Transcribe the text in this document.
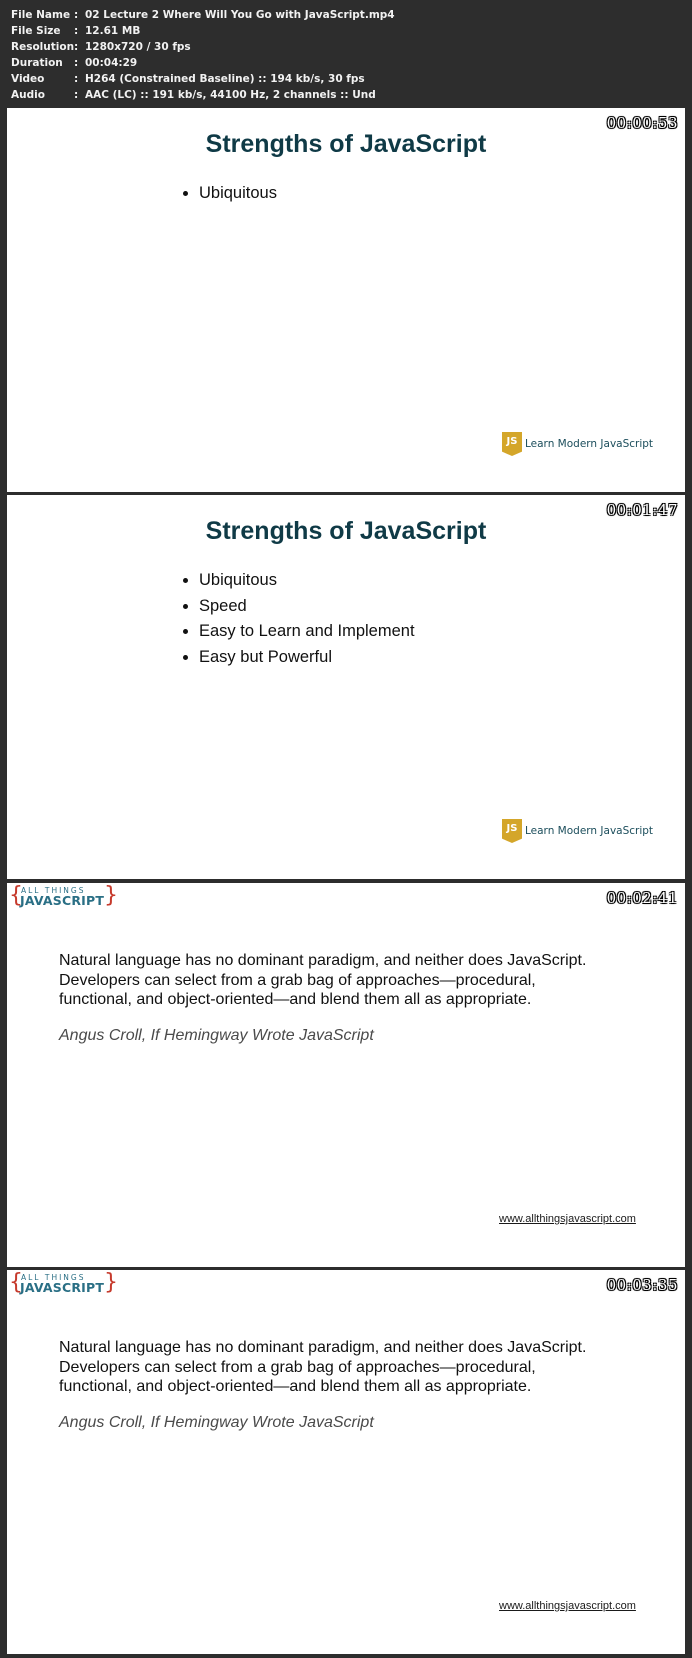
File Name : 02 Lecture 2 Where Will You Go with JavaScript.mp4
File Size	: 12.61 MB
Resolution : 1280x720 / 30 fps
Duration	: 00:04:29
Video	: H264 (Constrained Baseline) :: 194 kb/s, 30 fps
Audio	: AAC (LC) :: 191 kb/s, 44100 Hz, 2 channels :: Und
00:00:53
Strengths of JavaScript
• Ubiquitous
JS
Learn Modern JavaScript
00:01:47
Strengths of JavaScript
• Ubiquitous
• Speed
• Easy to Learn and Implement
• Easy but Powerful
JS
Learn Modern JavaScript
{
ALL THINGS
JAVASCRIPT }	00:02:41
Natural language has no dominant paradigm, and neither does JavaScript.
Developers can select from a grab bag of approaches—procedural,
functional, and object-oriented—and blend them all as appropriate.
Angus Croll, If Hemingway Wrote JavaScript
www.allthingsjavascript.com
{
ALL THINGS
JAVASCRIPT }	00:03:35
Natural language has no dominant paradigm, and neither does JavaScript.
Developers can select from a grab bag of approaches—procedural,
functional, and object-oriented—and blend them all as appropriate.
Angus Croll, If Hemingway Wrote JavaScript
www.allthingsjavascript.com
